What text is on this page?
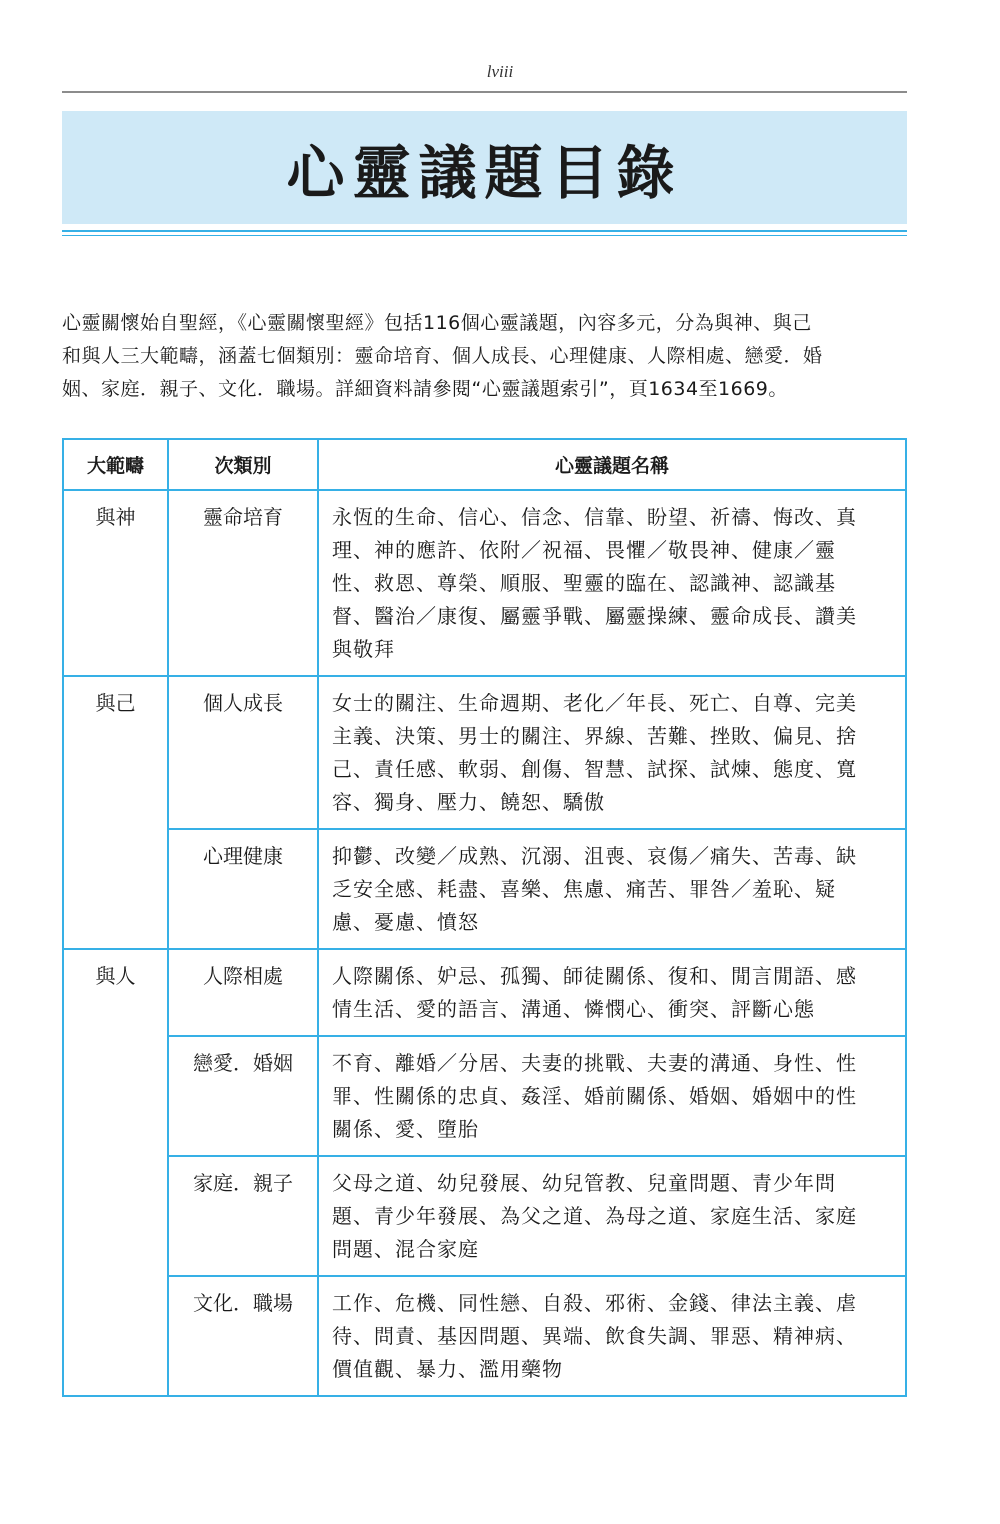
lviii
心靈議題目錄
心靈關懷始自聖經，《心靈關懷聖經》包括116個心靈議題，內容多元，分為與神、與己
和與人三大範疇，涵蓋七個類別：靈命培育、個人成長、心理健康、人際相處、戀愛．婚
姻、家庭．親子、文化．職場。詳細資料請參閱“心靈議題索引”，頁1634至1669。
大範疇	次類別	心靈議題名稱
與神	靈命培育	永恆的生命、信心、信念、信靠、盼望、祈禱、悔改、真
理、神的應許、依附／祝福、畏懼／敬畏神、健康／靈
性、救恩、尊榮、順服、聖靈的臨在、認識神、認識基
督、醫治／康復、屬靈爭戰、屬靈操練、靈命成長、讚美
與敬拜

與己	個人成長	女士的關注、生命週期、老化／年長、死亡、自尊、完美
主義、決策、男士的關注、界線、苦難、挫敗、偏見、捨
己、責任感、軟弱、創傷、智慧、試探、試煉、態度、寬
容、獨身、壓力、饒恕、驕傲

	心理健康	抑鬱、改變／成熟、沉溺、沮喪、哀傷／痛失、苦毒、缺
乏安全感、耗盡、喜樂、焦慮、痛苦、罪咎／羞恥、疑
慮、憂慮、憤怒

與人	人際相處	人際關係、妒忌、孤獨、師徒關係、復和、閒言閒語、感
情生活、愛的語言、溝通、憐憫心、衝突、評斷心態

	戀愛．婚姻	不育、離婚／分居、夫妻的挑戰、夫妻的溝通、身性、性
罪、性關係的忠貞、姦淫、婚前關係、婚姻、婚姻中的性
關係、愛、墮胎

	家庭．親子	父母之道、幼兒發展、幼兒管教、兒童問題、青少年問
題、青少年發展、為父之道、為母之道、家庭生活、家庭
問題、混合家庭

	文化．職場	工作、危機、同性戀、自殺、邪術、金錢、律法主義、虐
待、問責、基因問題、異端、飲食失調、罪惡、精神病、
價值觀、暴力、濫用藥物
